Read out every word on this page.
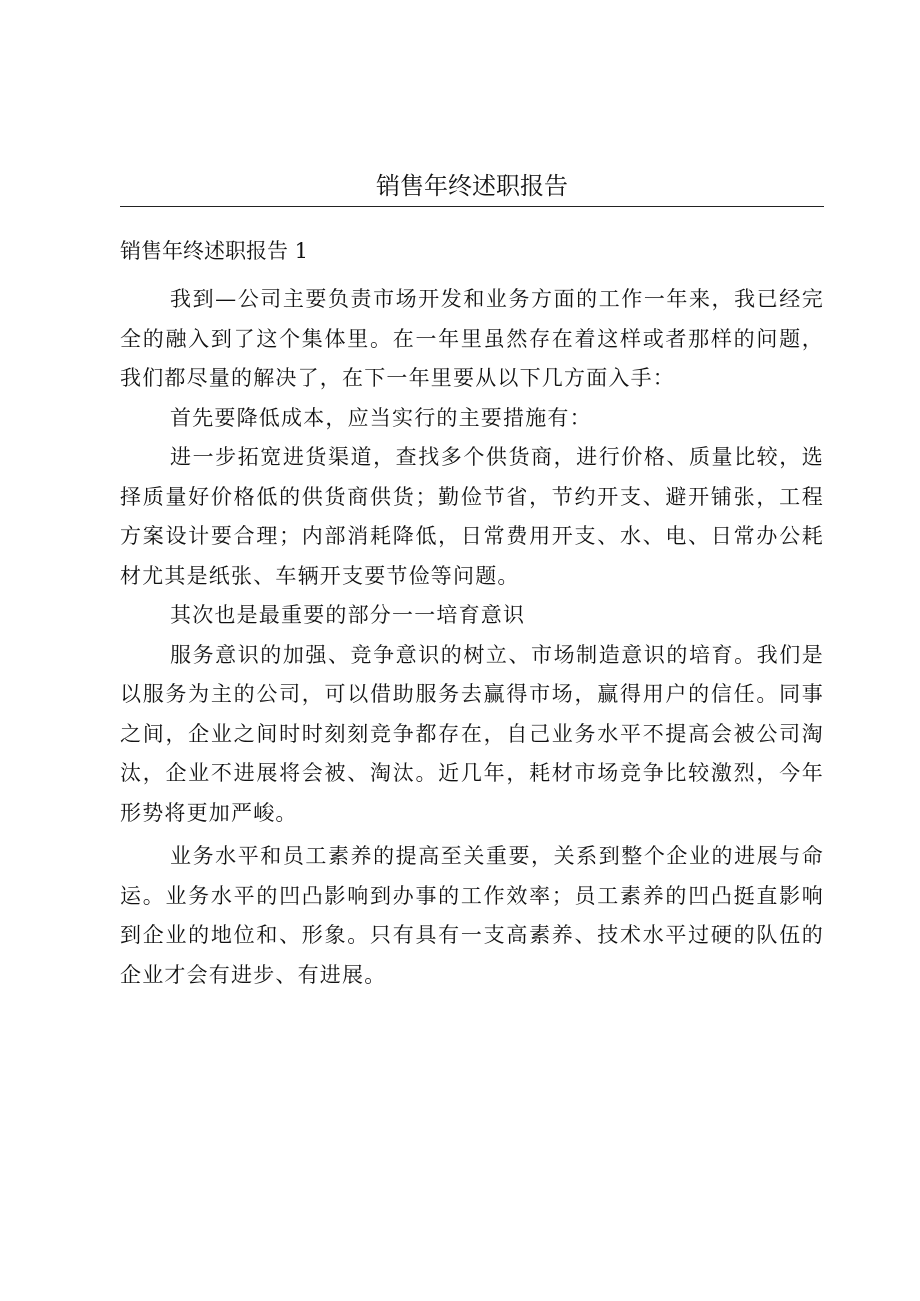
销售年终述职报告
销售年终述职报告 1

我到—公司主要负责市场开发和业务方面的工作一年来，我已经完全的融入到了这个集体里。在一年里虽然存在着这样或者那样的问题，我们都尽量的解决了，在下一年里要从以下几方面入手：

首先要降低成本，应当实行的主要措施有：

进一步拓宽进货渠道，查找多个供货商，进行价格、质量比较，选择质量好价格低的供货商供货；勤俭节省，节约开支、避开铺张，工程方案设计要合理；内部消耗降低，日常费用开支、水、电、日常办公耗材尤其是纸张、车辆开支要节俭等问题。

其次也是最重要的部分一一培育意识

服务意识的加强、竞争意识的树立、市场制造意识的培育。我们是以服务为主的公司，可以借助服务去赢得市场，赢得用户的信任。同事之间，企业之间时时刻刻竞争都存在，自己业务水平不提高会被公司淘汰，企业不进展将会被、淘汰。近几年，耗材市场竞争比较激烈，今年形势将更加严峻。

业务水平和员工素养的提高至关重要，关系到整个企业的进展与命运。业务水平的凹凸影响到办事的工作效率；员工素养的凹凸挺直影响到企业的地位和、形象。只有具有一支高素养、技术水平过硬的队伍的企业才会有进步、有进展。
